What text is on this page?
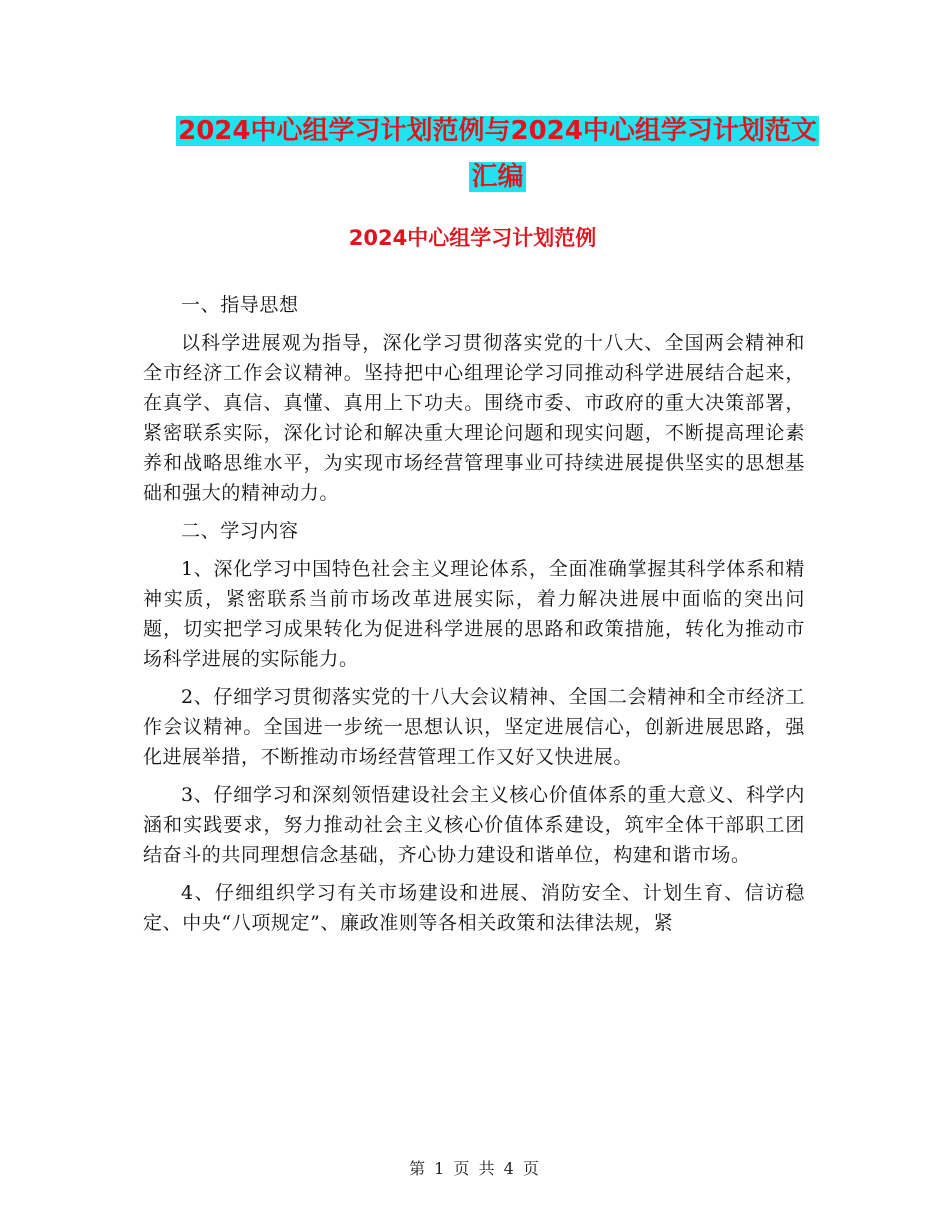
2024中心组学习计划范例与2024中心组学习计划范文
汇编
2024中心组学习计划范例

一、指导思想

以科学进展观为指导，深化学习贯彻落实党的十八大、全国两会精神和全市经济工作会议精神。坚持把中心组理论学习同推动科学进展结合起来，在真学、真信、真懂、真用上下功夫。围绕市委、市政府的重大决策部署，紧密联系实际，深化讨论和解决重大理论问题和现实问题，不断提高理论素养和战略思维水平，为实现市场经营管理事业可持续进展提供坚实的思想基础和强大的精神动力。

二、学习内容

1、深化学习中国特色社会主义理论体系，全面准确掌握其科学体系和精神实质，紧密联系当前市场改革进展实际，着力解决进展中面临的突出问题，切实把学习成果转化为促进科学进展的思路和政策措施，转化为推动市场科学进展的实际能力。

2、仔细学习贯彻落实党的十八大会议精神、全国二会精神和全市经济工作会议精神。全国进一步统一思想认识，坚定进展信心，创新进展思路，强化进展举措，不断推动市场经营管理工作又好又快进展。

3、仔细学习和深刻领悟建设社会主义核心价值体系的重大意义、科学内涵和实践要求，努力推动社会主义核心价值体系建设，筑牢全体干部职工团结奋斗的共同理想信念基础，齐心协力建设和谐单位，构建和谐市场。

4、仔细组织学习有关市场建设和进展、消防安全、计划生育、信访稳定、中央“八项规定”、廉政准则等各相关政策和法律法规，紧

第 1 页 共 4 页
